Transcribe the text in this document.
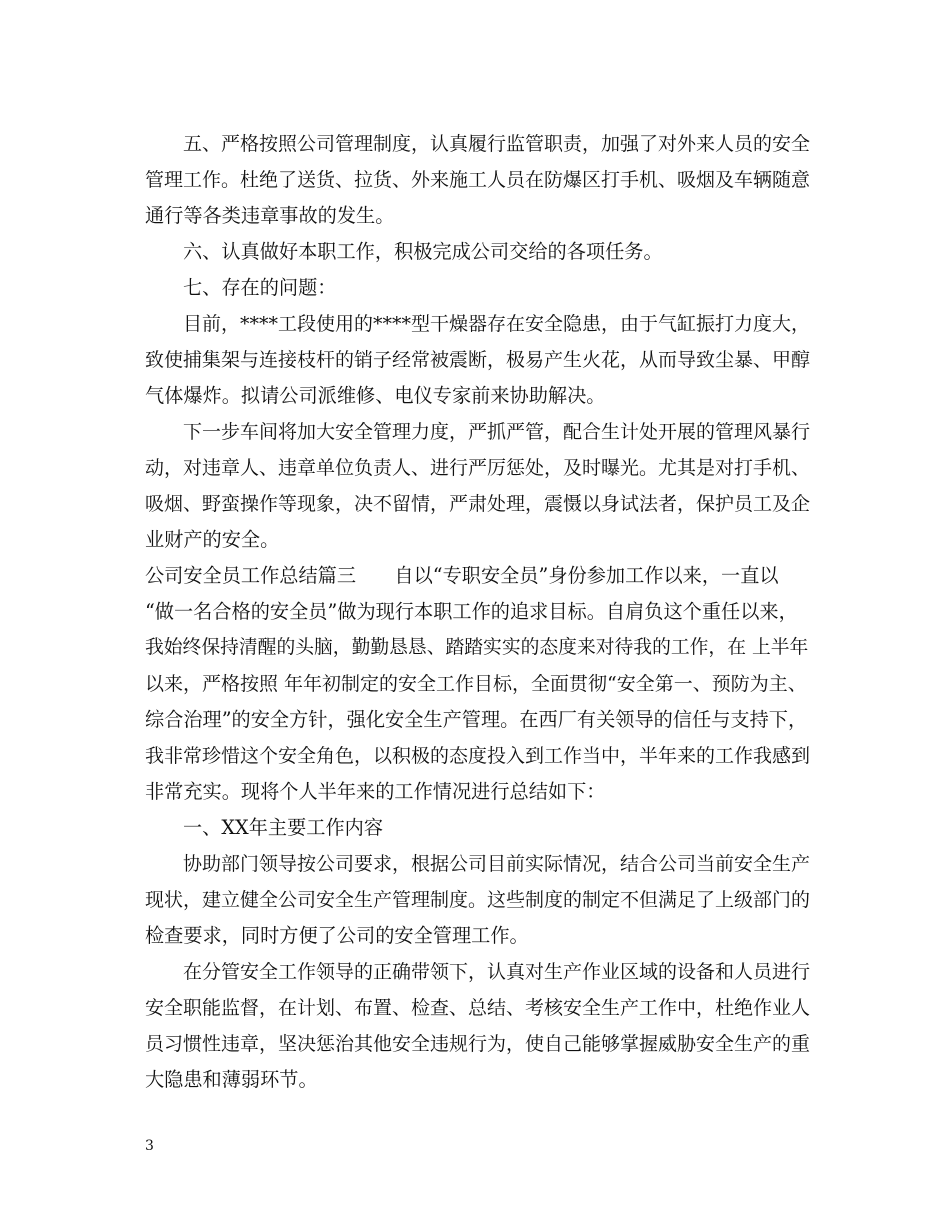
五、严格按照公司管理制度，认真履行监管职责，加强了对外来人员的安全
管理工作。杜绝了送货、拉货、外来施工人员在防爆区打手机、吸烟及车辆随意
通行等各类违章事故的发生。
六、认真做好本职工作，积极完成公司交给的各项任务。
七、存在的问题：
目前，****工段使用的****型干燥器存在安全隐患，由于气缸振打力度大，
致使捕集架与连接枝杆的销子经常被震断，极易产生火花，从而导致尘暴、甲醇
气体爆炸。拟请公司派维修、电仪专家前来协助解决。
下一步车间将加大安全管理力度，严抓严管，配合生计处开展的管理风暴行
动，对违章人、违章单位负责人、进行严厉惩处，及时曝光。尤其是对打手机、
吸烟、野蛮操作等现象，决不留情，严肃处理，震慑以身试法者，保护员工及企
业财产的安全。
公司安全员工作总结篇三　　自以“专职安全员”身份参加工作以来，一直以
“做一名合格的安全员”做为现行本职工作的追求目标。自肩负这个重任以来，
我始终保持清醒的头脑，勤勤恳恳、踏踏实实的态度来对待我的工作，在 上半年
以来，严格按照 年年初制定的安全工作目标，全面贯彻“安全第一、预防为主、
综合治理”的安全方针，强化安全生产管理。在西厂有关领导的信任与支持下，
我非常珍惜这个安全角色，以积极的态度投入到工作当中，半年来的工作我感到
非常充实。现将个人半年来的工作情况进行总结如下：
一、XX年主要工作内容
协助部门领导按公司要求，根据公司目前实际情况，结合公司当前安全生产
现状，建立健全公司安全生产管理制度。这些制度的制定不但满足了上级部门的
检查要求，同时方便了公司的安全管理工作。
在分管安全工作领导的正确带领下，认真对生产作业区域的设备和人员进行
安全职能监督，在计划、布置、检查、总结、考核安全生产工作中，杜绝作业人
员习惯性违章，坚决惩治其他安全违规行为，使自己能够掌握威胁安全生产的重
大隐患和薄弱环节。
3
